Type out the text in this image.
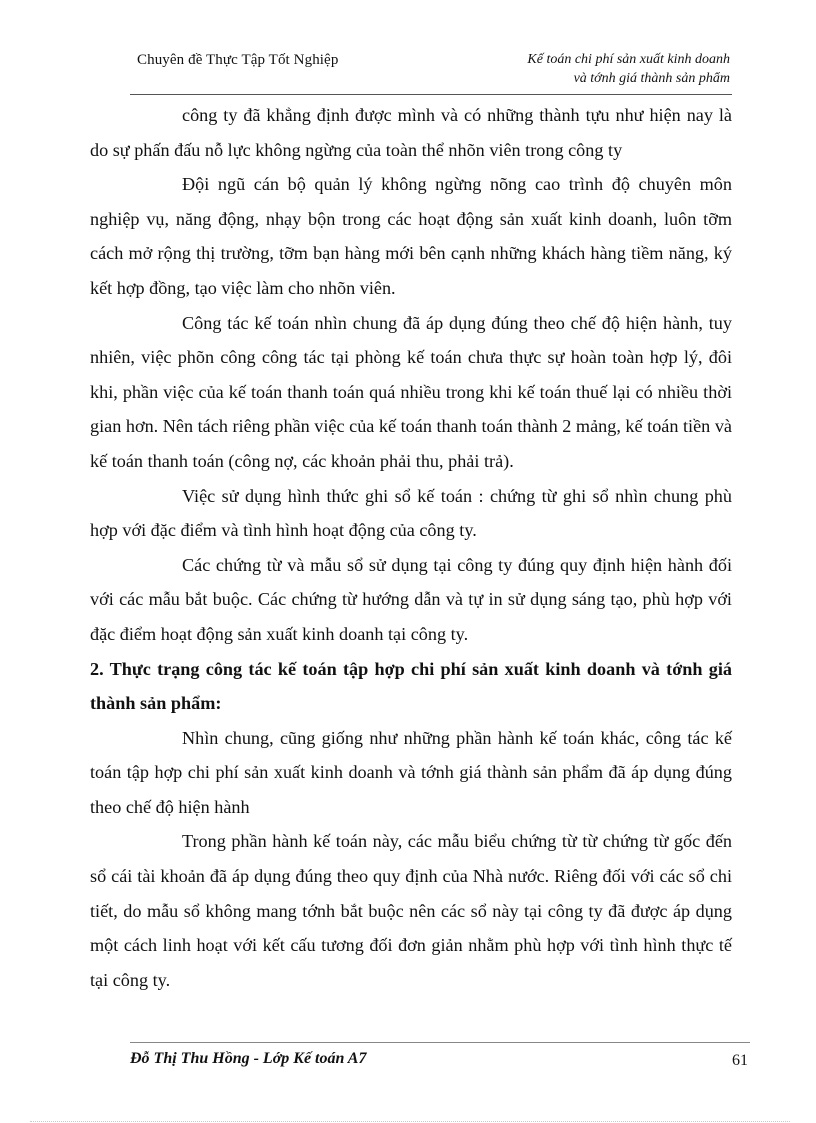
Chuyên đề Thực Tập Tốt Nghiệp	Kế toán chi phí sản xuất kinh doanh
và tớnh giá thành sản phẩm

công ty đã khẳng định được mình và có những thành tựu như hiện nay là do sự phấn đấu nỗ lực không ngừng của toàn thể nhõn viên trong công ty

Đội ngũ cán bộ quản lý không ngừng nõng cao trình độ chuyên môn nghiệp vụ, năng động, nhạy bộn trong các hoạt động sản xuất kinh doanh, luôn tỡm cách mở rộng thị trường, tỡm bạn hàng mới bên cạnh những khách hàng tiềm năng, ký kết hợp đồng, tạo việc làm cho nhõn viên.

Công tác kế toán nhìn chung đã áp dụng đúng theo chế độ hiện hành, tuy nhiên, việc phõn công công tác tại phòng kế toán chưa thực sự hoàn toàn hợp lý, đôi khi, phần việc của kế toán thanh toán quá nhiều trong khi kế toán thuế lại có nhiều thời gian hơn. Nên tách riêng phần việc của kế toán thanh toán thành 2 mảng, kế toán tiền và kế toán thanh toán (công nợ, các khoản phải thu, phải trả).

Việc sử dụng hình thức ghi sổ kế toán : chứng từ ghi sổ nhìn chung phù hợp với đặc điểm và tình hình hoạt động của công ty.

Các chứng từ và mẫu sổ sử dụng tại công ty đúng quy định hiện hành đối với các mẫu bắt buộc. Các chứng từ hướng dẫn và tự in sử dụng sáng tạo, phù hợp với đặc điểm hoạt động sản xuất kinh doanh tại công ty.

2. Thực trạng công tác kế toán tập hợp chi phí sản xuất kinh doanh và tớnh giá thành sản phẩm:

Nhìn chung, cũng giống như những phần hành kế toán khác, công tác kế toán tập hợp chi phí sản xuất kinh doanh và tớnh giá thành sản phẩm đã áp dụng đúng theo chế độ hiện hành

Trong phần hành kế toán này, các mẫu biểu chứng từ từ chứng từ gốc đến sổ cái tài khoản đã áp dụng đúng theo quy định của Nhà nước. Riêng đối với các sổ chi tiết, do mẫu sổ không mang tớnh bắt buộc nên các sổ này tại công ty đã được áp dụng một cách linh hoạt với kết cấu tương đối đơn giản nhằm phù hợp với tình hình thực tế tại công ty.

Đỗ Thị Thu Hồng - Lớp Kế toán A7	61
